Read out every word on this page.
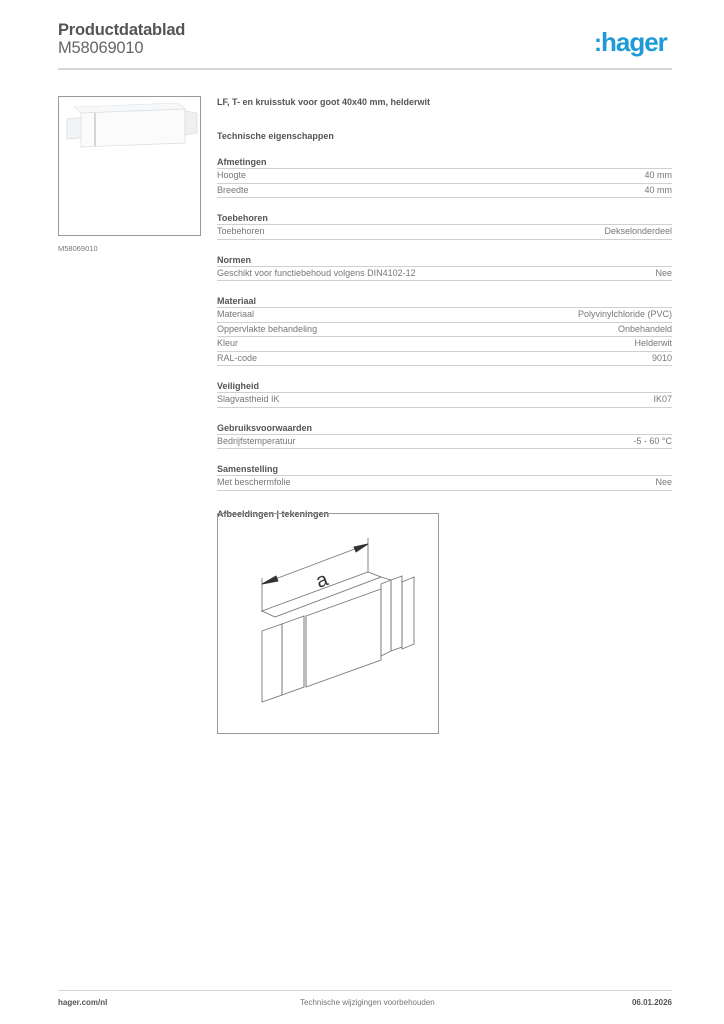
Productdatablad
M58069010	:hager
M58069010
LF, T- en kruisstuk voor goot 40x40 mm, helderwit
Technische eigenschappen
Afmetingen
Hoogte	40 mm
Breedte	40 mm
Toebehoren
Toebehoren	Dekselonderdeel
Normen
Geschikt voor functiebehoud volgens DIN4102-12	Nee
Materiaal
Materiaal	Polyvinylchloride (PVC)
Oppervlakte behandeling	Onbehandeld
Kleur	Helderwit
RAL-code	9010
Veiligheid
Slagvastheid IK	IK07
Gebruiksvoorwaarden
Bedrijfstemperatuur	-5 - 60 °C
Samenstelling
Met beschermfolie	Nee
Afbeeldingen | tekeningen
a
hager.com/nl	Technische wijzigingen voorbehouden	06.01.2026
